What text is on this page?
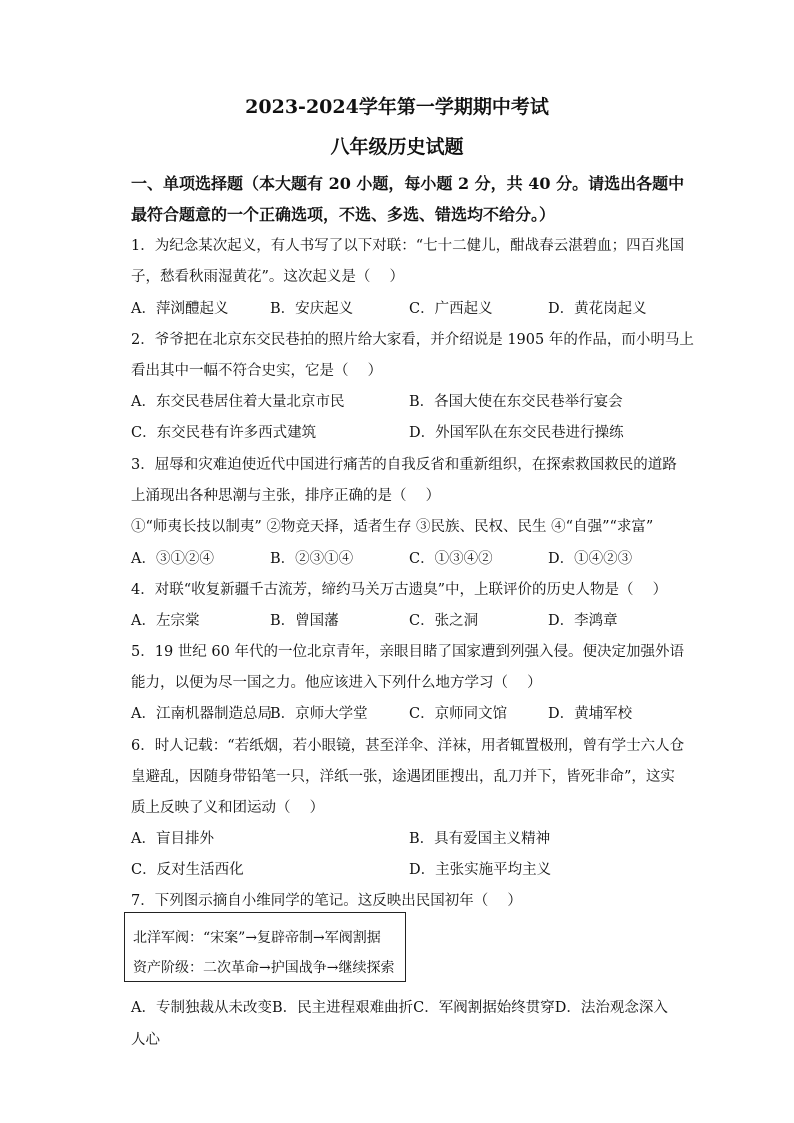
2023-2024学年第一学期期中考试
八年级历史试题
一、单项选择题（本大题有 20 小题，每小题 2 分，共 40 分。请选出各题中
最符合题意的一个正确选项，不选、多选、错选均不给分。）
1．为纪念某次起义，有人书写了以下对联：“七十二健儿，酣战春云湛碧血；四百兆国
子，愁看秋雨湿黄花”。这次起义是（　 ）
A．萍浏醴起义	B．安庆起义	C．广西起义	D．黄花岗起义
2．爷爷把在北京东交民巷拍的照片给大家看，并介绍说是 1905 年的作品，而小明马上
看出其中一幅不符合史实，它是（　 ）
A．东交民巷居住着大量北京市民	B．各国大使在东交民巷举行宴会
C．东交民巷有许多西式建筑	D．外国军队在东交民巷进行操练
3．屈辱和灾难迫使近代中国进行痛苦的自我反省和重新组织，在探索救国救民的道路
上涌现出各种思潮与主张，排序正确的是（　 ）
①“师夷长技以制夷” ②物竞天择，适者生存 ③民族、民权、民生 ④“自强”“求富”
A．③①②④	B．②③①④	C．①③④②	D．①④②③
4．对联“收复新疆千古流芳，缔约马关万古遗臭”中，上联评价的历史人物是（　 ）
A．左宗棠	B．曾国藩	C．张之洞	D．李鸿章
5．19 世纪 60 年代的一位北京青年，亲眼目睹了国家遭到列强入侵。便决定加强外语
能力，以便为尽一国之力。他应该进入下列什么地方学习（　 ）
A．江南机器制造总局
B．京师大学堂	C．京师同文馆	D．黄埔军校
6．时人记载：“若纸烟，若小眼镜，甚至洋伞、洋袜，用者辄置极刑，曾有学士六人仓
皇避乱，因随身带铅笔一只，洋纸一张，途遇团匪搜出，乱刀并下，皆死非命”，这实
质上反映了义和团运动（　 ）
A．盲目排外	B．具有爱国主义精神
C．反对生活西化	D．主张实施平均主义
7．下列图示摘自小维同学的笔记。这反映出民国初年（　 ）
北洋军阀：“宋案”→复辟帝制→军阀割据
资产阶级：二次革命→护国战争→继续探索
A．专制独裁从未改变B．民主进程艰难曲折C．军阀割据始终贯穿D．法治观念深入
人心
